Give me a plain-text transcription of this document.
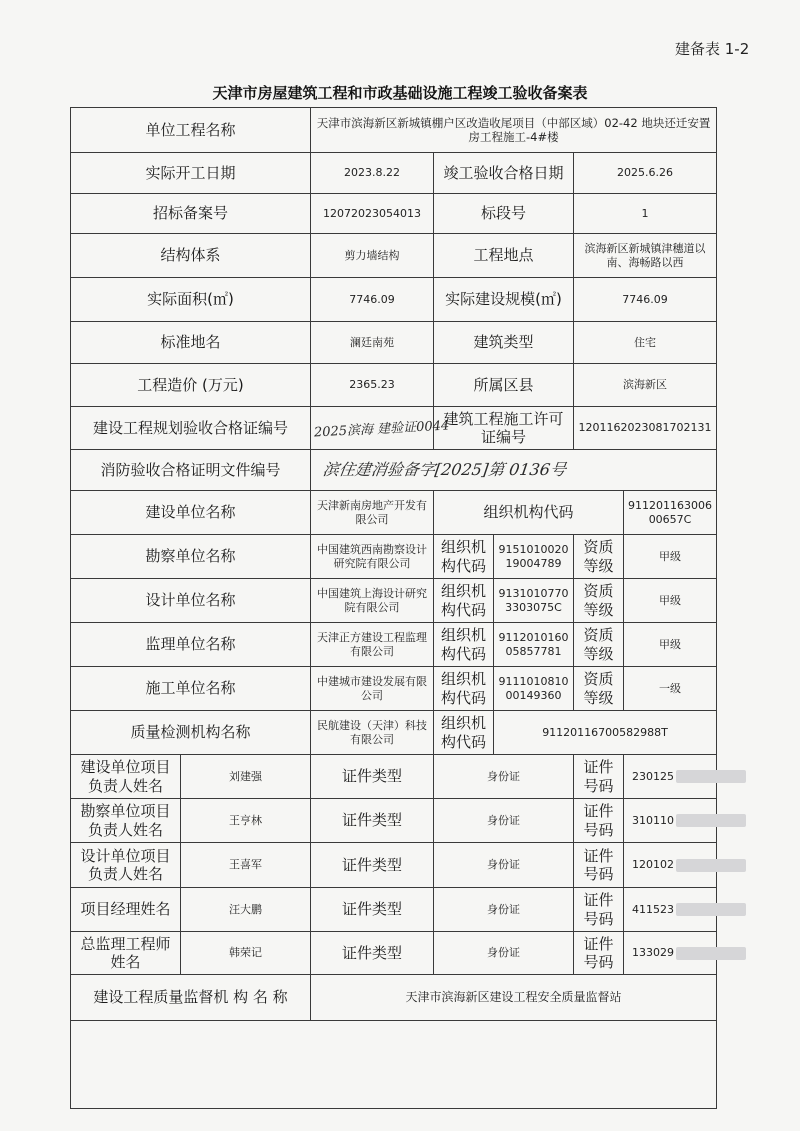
建备表 1-2
天津市房屋建筑工程和市政基础设施工程竣工验收备案表
单位工程名称		天津市滨海新区新城镇棚户区改造收尾项目（中部区域）02-42 地块还迁安置房工程施工-4#楼				
实际开工日期		2023.8.22	竣工验收合格日期		2025.6.26	
招标备案号		12072023054013	标段号		1	
结构体系		剪力墙结构	工程地点		滨海新区新城镇津穗道以南、海畅路以西	
实际面积(㎡)		7746.09	实际建设规模(㎡)		7746.09	
标准地名		澜廷南苑	建筑类型		住宅	
工程造价 (万元)		2365.23	所属区县		滨海新区	
建设工程规划验收合格证编号		2025滨海 建验证0044	建筑工程施工许可证编号		1201162023081702131	
消防验收合格证明文件编号		滨住建消验备字[2025]第 0136号				
建设单位名称		天津新南房地产开发有限公司	组织机构代码			91120116300600657C
勘察单位名称		中国建筑西南勘察设计研究院有限公司	组织机构代码	915101002019004789	资质等级	甲级
设计单位名称		中国建筑上海设计研究院有限公司	组织机构代码	91310107703303075C	资质等级	甲级
监理单位名称		天津正方建设工程监理有限公司	组织机构代码	911201016005857781	资质等级	甲级
施工单位名称		中建城市建设发展有限公司	组织机构代码	911101081000149360	资质等级	一级
质量检测机构名称		民航建设（天津）科技有限公司	组织机构代码	91120116700582988T		
建设单位项目负责人姓名	刘建强	证件类型	身份证		证件号码	230125
勘察单位项目负责人姓名	王亨林	证件类型	身份证		证件号码	310110
设计单位项目负责人姓名	王喜军	证件类型	身份证		证件号码	120102
项目经理姓名	汪大鹏	证件类型	身份证		证件号码	411523
总监理工程师姓名	韩荣记	证件类型	身份证		证件号码	133029
建设工程质量监督机 构 名 称		天津市滨海新区建设工程安全质量监督站				
